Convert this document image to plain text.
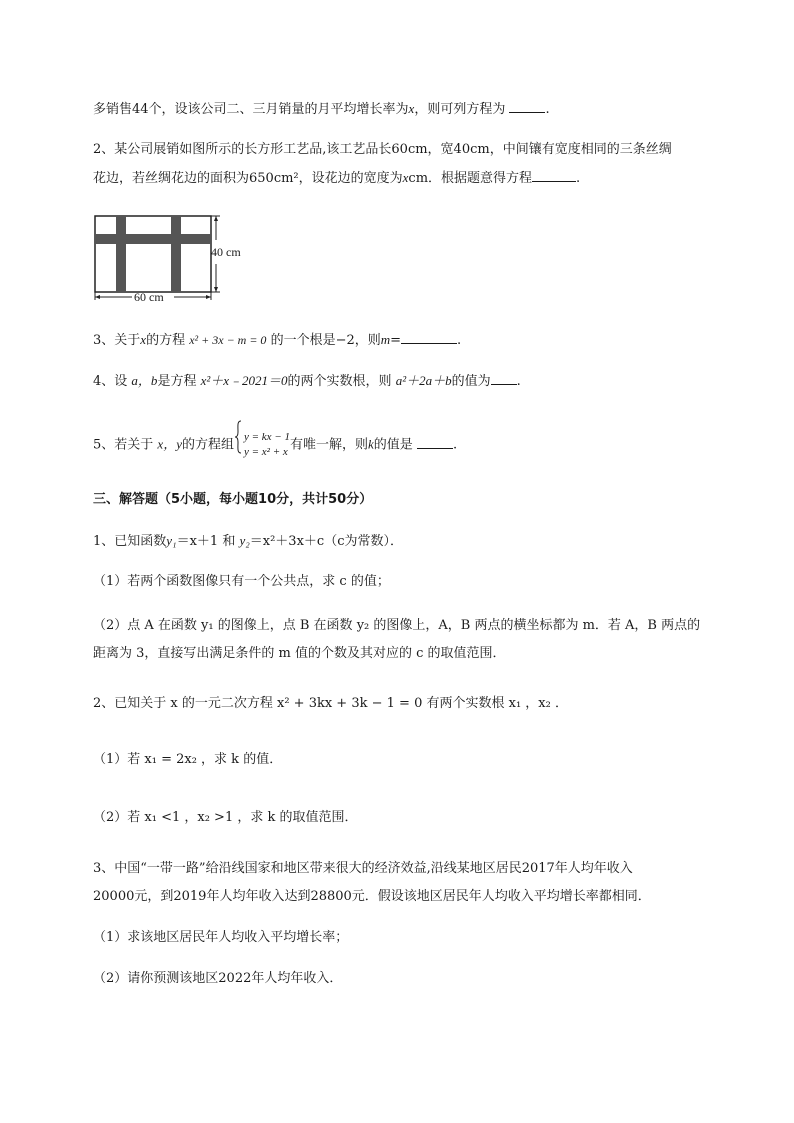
多销售44个，设该公司二、三月销量的月平均增长率为x，则可列方程为	.
2、某公司展销如图所示的长方形工艺品,该工艺品长60cm，宽40cm，中间镶有宽度相同的三条丝绸
花边，若丝绸花边的面积为650cm²，设花边的宽度为xcm．根据题意得方程	.
40 cm
60 cm
3、关于x的方程 x² + 3x − m = 0 的一个根是−2，则m=	.
4、设 a，b是方程 x²＋x﹣2021＝0的两个实数根，则 a²＋2a＋b的值为 .
5、若关于 x，y的方程组y = kx − 1
y = x² + x 有唯一解，则k的值是	.
三、解答题（5小题，每小题10分，共计50分）
1、已知函数y₁＝x＋1 和 y₂＝x²＋3x＋c（c为常数）．
（1）若两个函数图像只有一个公共点，求 c 的值；
（2）点 A 在函数 y₁ 的图像上，点 B 在函数 y₂ 的图像上，A，B 两点的横坐标都为 m．若 A，B 两点的
距离为 3，直接写出满足条件的 m 值的个数及其对应的 c 的取值范围．
2、已知关于 x 的一元二次方程 x² + 3kx + 3k − 1 = 0 有两个实数根 x₁ ，x₂ ．
（1）若 x₁ = 2x₂ ，求 k 的值．
（2）若 x₁ <1 ，x₂ >1 ，求 k 的取值范围．
3、中国“一带一路”给沿线国家和地区带来很大的经济效益,沿线某地区居民2017年人均年收入
20000元，到2019年人均年收入达到28800元．假设该地区居民年人均收入平均增长率都相同．
（1）求该地区居民年人均收入平均增长率；
（2）请你预测该地区2022年人均年收入．
